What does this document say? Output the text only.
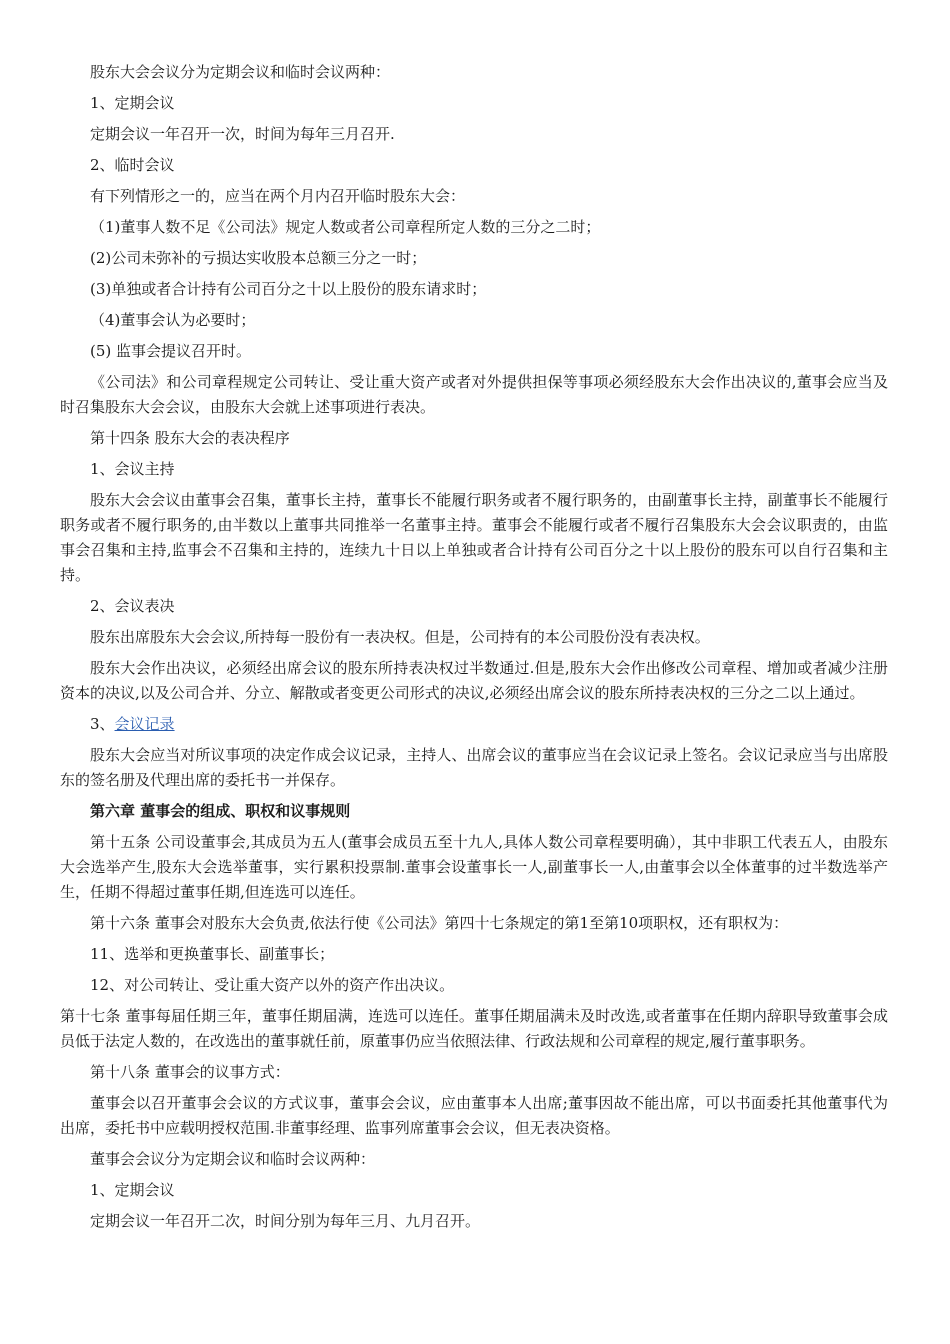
股东大会会议分为定期会议和临时会议两种：

1、定期会议

定期会议一年召开一次，时间为每年三月召开.

2、临时会议

有下列情形之一的，应当在两个月内召开临时股东大会：

（1)董事人数不足《公司法》规定人数或者公司章程所定人数的三分之二时；

(2)公司未弥补的亏损达实收股本总额三分之一时；

(3)单独或者合计持有公司百分之十以上股份的股东请求时；

（4)董事会认为必要时；

(5) 监事会提议召开时。

《公司法》和公司章程规定公司转让、受让重大资产或者对外提供担保等事项必须经股东大会作出决议的,董事会应当及时召集股东大会会议，由股东大会就上述事项进行表决。

第十四条 股东大会的表决程序

1、会议主持

股东大会会议由董事会召集，董事长主持，董事长不能履行职务或者不履行职务的，由副董事长主持，副董事长不能履行职务或者不履行职务的,由半数以上董事共同推举一名董事主持。董事会不能履行或者不履行召集股东大会会议职责的，由监事会召集和主持,监事会不召集和主持的，连续九十日以上单独或者合计持有公司百分之十以上股份的股东可以自行召集和主持。

2、会议表决

股东出席股东大会会议,所持每一股份有一表决权。但是，公司持有的本公司股份没有表决权。

股东大会作出决议，必须经出席会议的股东所持表决权过半数通过.但是,股东大会作出修改公司章程、增加或者减少注册资本的决议,以及公司合并、分立、解散或者变更公司形式的决议,必须经出席会议的股东所持表决权的三分之二以上通过。

3、会议记录

股东大会应当对所议事项的决定作成会议记录，主持人、出席会议的董事应当在会议记录上签名。会议记录应当与出席股东的签名册及代理出席的委托书一并保存。

第六章 董事会的组成、职权和议事规则

第十五条 公司设董事会,其成员为五人(董事会成员五至十九人,具体人数公司章程要明确），其中非职工代表五人，由股东大会选举产生,股东大会选举董事，实行累积投票制.董事会设董事长一人,副董事长一人,由董事会以全体董事的过半数选举产生，任期不得超过董事任期,但连选可以连任。

第十六条 董事会对股东大会负责,依法行使《公司法》第四十七条规定的第1至第10项职权，还有职权为：

11、选举和更换董事长、副董事长；

12、对公司转让、受让重大资产以外的资产作出决议。

第十七条 董事每届任期三年，董事任期届满，连选可以连任。董事任期届满未及时改选,或者董事在任期内辞职导致董事会成员低于法定人数的，在改选出的董事就任前，原董事仍应当依照法律、行政法规和公司章程的规定,履行董事职务。

第十八条 董事会的议事方式：

董事会以召开董事会会议的方式议事，董事会会议，应由董事本人出席;董事因故不能出席，可以书面委托其他董事代为出席，委托书中应载明授权范围.非董事经理、监事列席董事会会议，但无表决资格。

董事会会议分为定期会议和临时会议两种：

1、定期会议

定期会议一年召开二次，时间分别为每年三月、九月召开。
